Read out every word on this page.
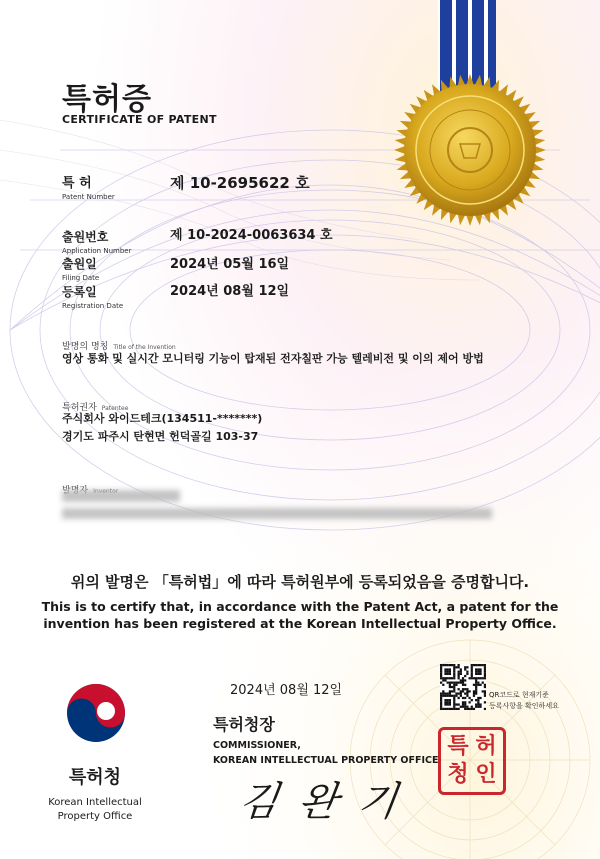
특허증
CERTIFICATE OF PATENT
특 허
Patent Number
제 10-2695622 호
출원번호
Application Number
제 10-2024-0063634 호
출원일
Filing Date
2024년 05월 16일
등록일
Registration Date
2024년 08월 12일
발명의 명칭 Title of the Invention
영상 통화 및 실시간 모니터링 기능이 탑재된 전자칠판 가능 텔레비전 및 이의 제어 방법
특허권자 Patentee
주식회사 와이드테크(134511-*******)
경기도 파주시 탄현면 헌덕골길 103-37
위의 발명은 「특허법」에 따라 특허원부에 등록되었음을 증명합니다.
This is to certify that, in accordance with the Patent Act, a patent for the
invention has been registered at the Korean Intellectual Property Office.
특허청
Korean Intellectual
Property Office
2024년 08월 12일
특허청장
COMMISSIONER,
KOREAN INTELLECTUAL PROPERTY OFFICE
김 완 기
QR코드로 현재기준
등록사항을 확인하세요
특 허
청 인
